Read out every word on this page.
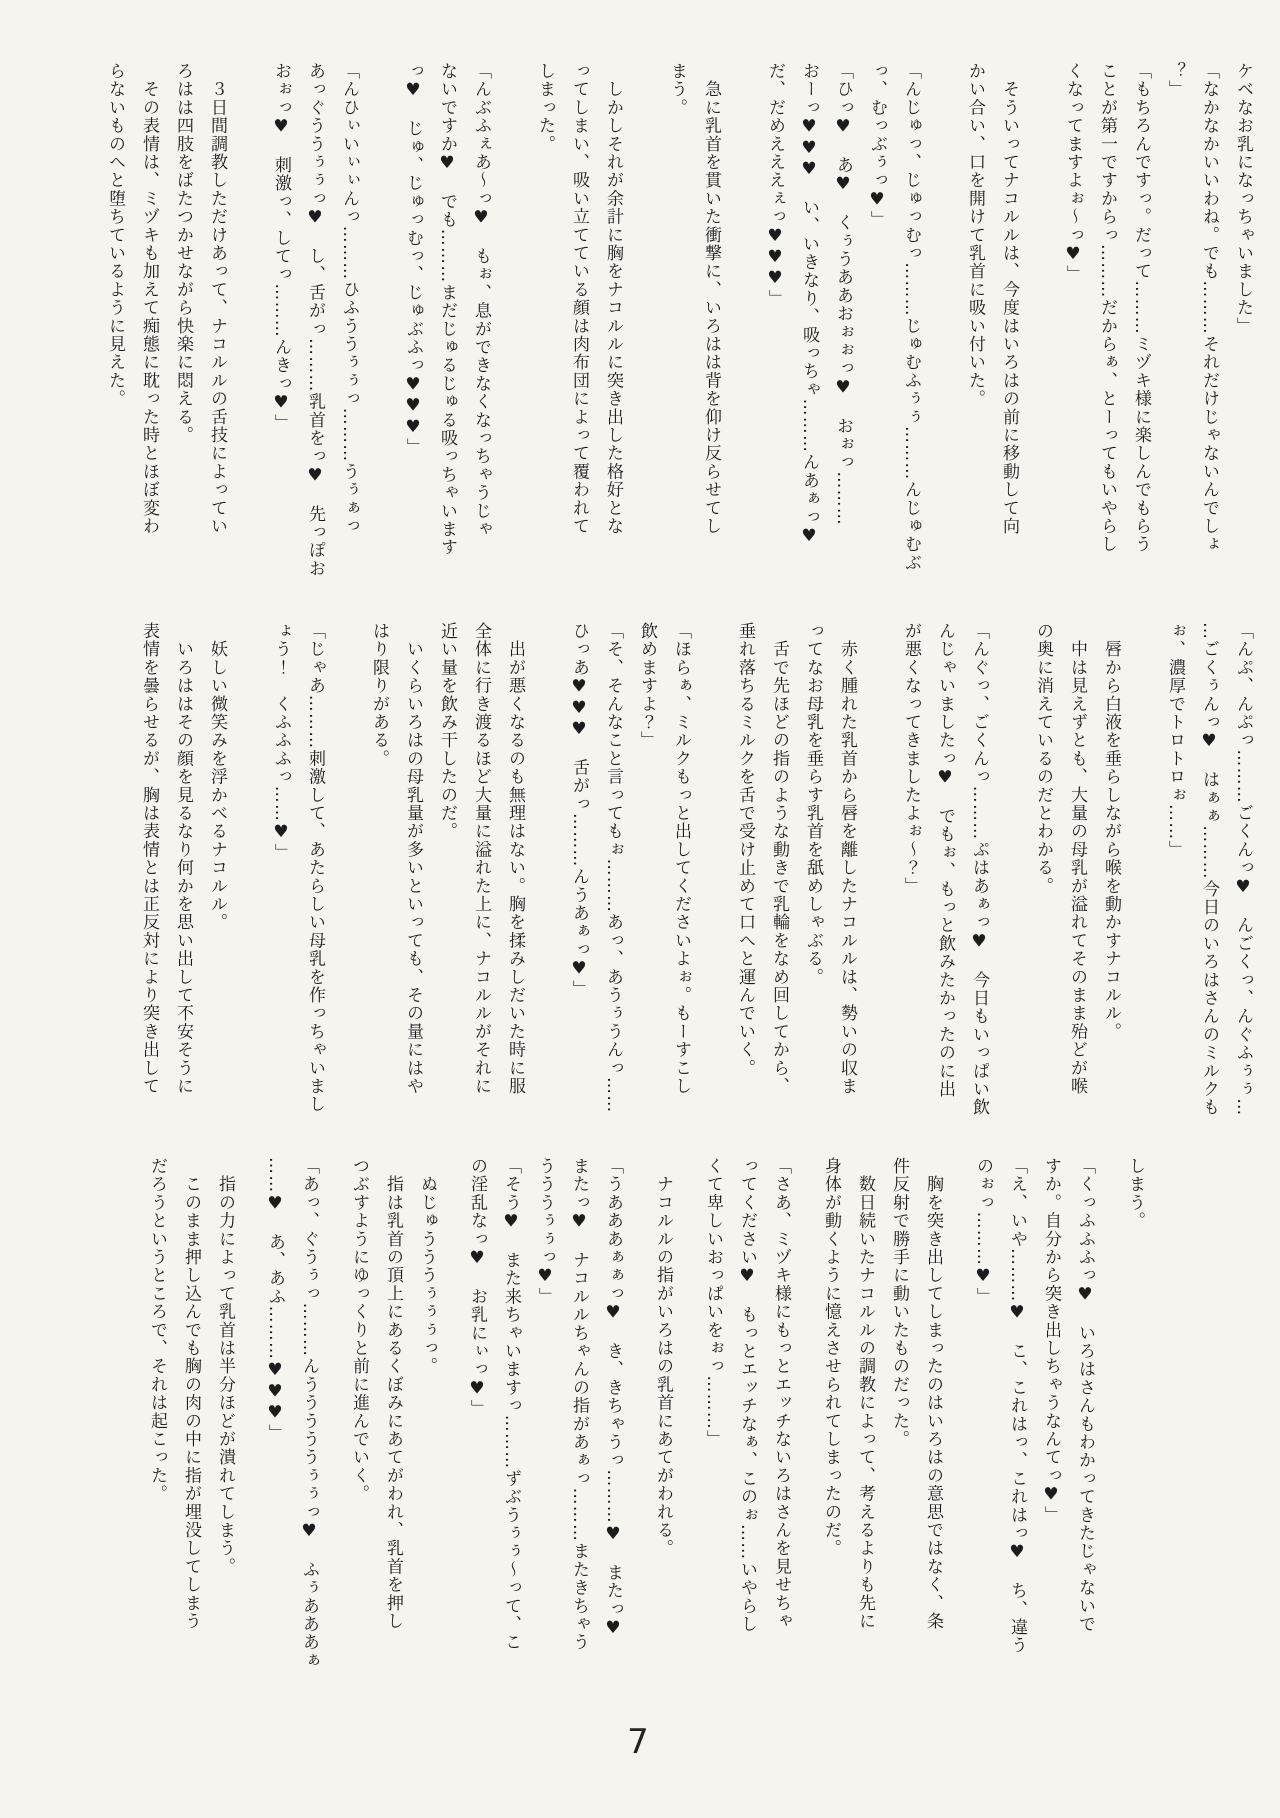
ケベなお乳になっちゃいました」

「なかなかいいわね。でも………それだけじゃないんでしょ

？」

「もちろんですっ。だって………ミヅキ様に楽しんでもらう

ことが第一ですからっ………だからぁ、とーってもいやらし

くなってますよぉ～っ♥」

　そういってナコルルは、今度はいろはの前に移動して向

かい合い、口を開けて乳首に吸い付いた。

「んじゅっ、じゅっむっ………じゅむふぅぅ………んじゅむぶ

っ、むっぶぅっ♥」

「ひっ♥　あ♥　くぅうああおぉぉっ♥　おぉっ………

おーっ♥♥♥　い、いきなり、吸っちゃ………んあぁっ♥

だ、だめえええぇっ♥♥♥」

　急に乳首を貫いた衝撃に、いろはは背を仰け反らせてし

まう。

　しかしそれが余計に胸をナコルルに突き出した格好とな

ってしまい、吸い立てている顔は肉布団によって覆われて

しまった。

「んぶふぇあ～っ♥　もぉ、息ができなくなっちゃうじゃ

ないですか♥　でも………まだじゅるじゅる吸っちゃいます

っ♥　じゅ、じゅっむっ、じゅぶふっ♥♥♥」

「んひぃいぃぃんっ………ひふううぅぅっ………うぅぁっ

あっぐううぅぅっ♥　し、舌がっ………乳首をっ♥　先っぽお

おぉっ♥　刺激っ、してっ………んきっ♥」

　３日間調教しただけあって、ナコルルの舌技によってい

ろはは四肢をばたつかせながら快楽に悶える。

　その表情は、ミヅキも加えて痴態に耽った時とほぼ変わ

らないものへと堕ちているように見えた。

「んぷ、んぷっ………ごくんっ♥　んごくっ、んぐふぅぅ…

…ごくぅんっ♥　はぁぁ………今日のいろはさんのミルクも

ぉ、濃厚でトロトロぉ……」

　唇から白液を垂らしながら喉を動かすナコルル。

　中は見えずとも、大量の母乳が溢れてそのまま殆どが喉

の奥に消えているのだとわかる。

「んぐっ、ごくんっ………ぷはあぁっ♥　今日もいっぱい飲

んじゃいましたっ♥　でもぉ、もっと飲みたかったのに出

が悪くなってきましたよぉ～？」

　赤く腫れた乳首から唇を離したナコルルは、勢いの収ま

ってなお母乳を垂らす乳首を舐めしゃぶる。

　舌で先ほどの指のような動きで乳輪をなめ回してから、

垂れ落ちるミルクを舌で受け止めて口へと運んでいく。

「ほらぁ、ミルクもっと出してくださいよぉ。もーすこし

飲めますよ？」

「そ、そんなこと言ってもぉ………あっ、あうぅうんっ……

ひっあ♥♥♥　舌がっ………んうあぁっ♥」

　出が悪くなるのも無理はない。胸を揉みしだいた時に服

全体に行き渡るほど大量に溢れた上に、ナコルルがそれに

近い量を飲み干したのだ。

　いくらいろはの母乳量が多いといっても、その量にはや

はり限りがある。

「じゃあ………刺激して、あたらしい母乳を作っちゃいまし

ょう！　くふふふっ……♥」

　妖しい微笑みを浮かべるナコルル。

　いろははその顔を見るなり何かを思い出して不安そうに

表情を曇らせるが、胸は表情とは正反対により突き出して

しまう。

「くっふふふっ♥　いろはさんもわかってきたじゃないで

すか。自分から突き出しちゃうなんてっ♥」

「え、いや………♥　こ、これはっ、これはっ♥　ち、違う

のぉっ………♥」

　胸を突き出してしまったのはいろはの意思ではなく、条

件反射で勝手に動いたものだった。

　数日続いたナコルルの調教によって、考えるよりも先に

身体が動くように憶えさせられてしまったのだ。

「さあ、ミヅキ様にもっとエッチないろはさんを見せちゃ

ってください♥　もっとエッチなぁ、このぉ……いやらし

くて卑しいおっぱいをぉっ………」

　ナコルルの指がいろはの乳首にあてがわれる。

「うあああぁぁっ♥　き、きちゃうっ………♥　またっ♥

またっ♥　ナコルルちゃんの指があぁっ………またきちゃう

うううぅぅっ♥」

「そう♥　また来ちゃいますっ………ずぶうぅぅ～って、こ

の淫乱なっ♥　お乳にぃっ♥」

　ぬじゅうううぅぅぅっ。

　指は乳首の頂上にあるくぼみにあてがわれ、乳首を押し

つぶすようにゆっくりと前に進んでいく。

「あっ、ぐうぅっ………んうううううぅぅっ♥　ふぅあああぁ

……♥　あ、あふ………♥♥♥」

　指の力によって乳首は半分ほどが潰れてしまう。

　このまま押し込んでも胸の肉の中に指が埋没してしまう

だろうというところで、それは起こった。

7
